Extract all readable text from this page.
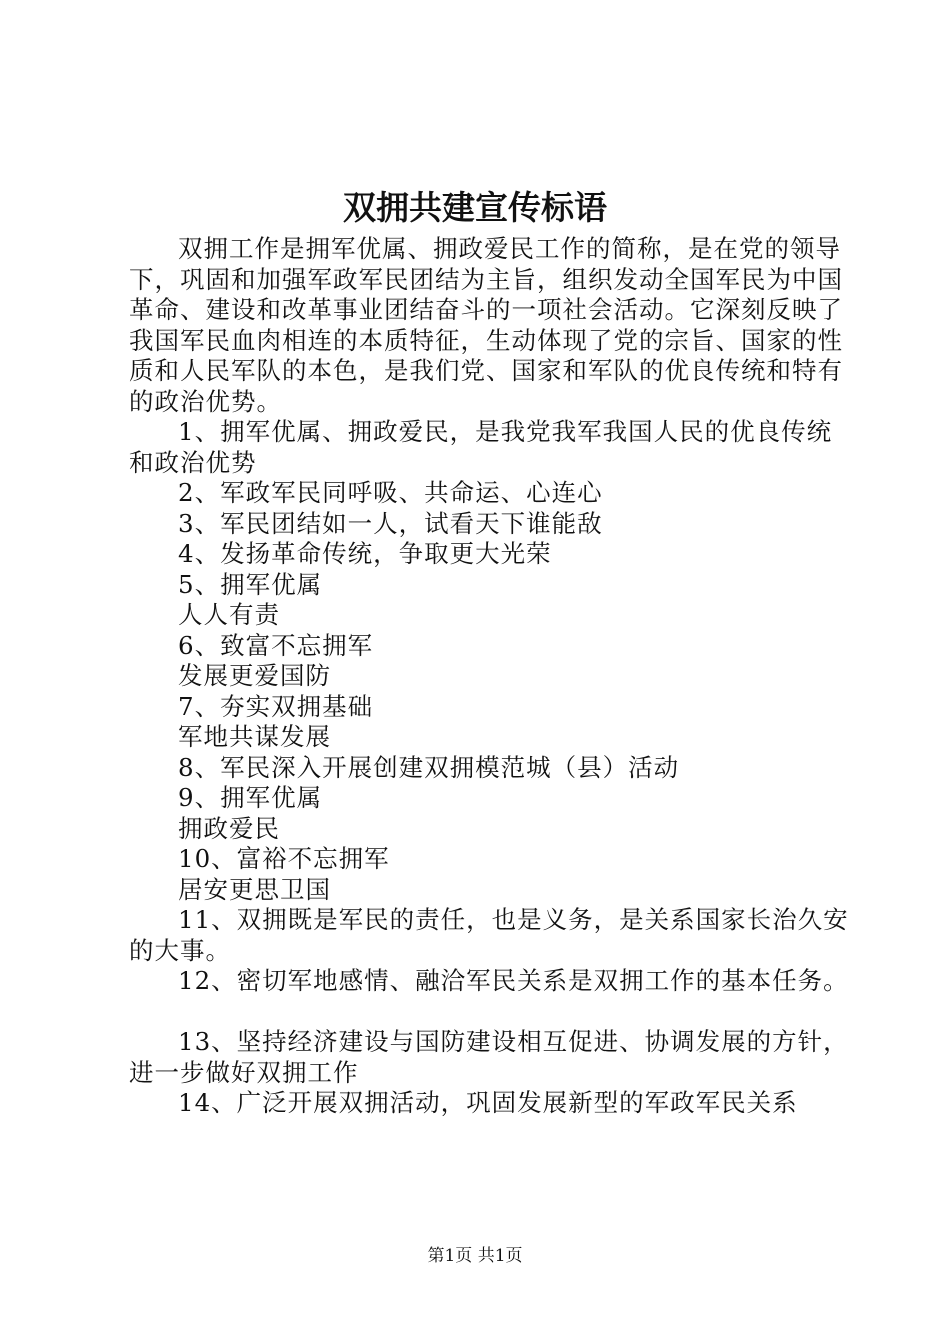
双拥共建宣传标语

双拥工作是拥军优属、拥政爱民工作的简称，是在党的领导下，巩固和加强军政军民团结为主旨，组织发动全国军民为中国革命、建设和改革事业团结奋斗的一项社会活动。它深刻反映了我国军民血肉相连的本质特征，生动体现了党的宗旨、国家的性质和人民军队的本色，是我们党、国家和军队的优良传统和特有的政治优势。

1、拥军优属、拥政爱民，是我党我军我国人民的优良传统和政治优势

2、军政军民同呼吸、共命运、心连心

3、军民团结如一人，试看天下谁能敌

4、发扬革命传统，争取更大光荣

5、拥军优属

人人有责

6、致富不忘拥军

发展更爱国防

7、夯实双拥基础

军地共谋发展

8、军民深入开展创建双拥模范城（县）活动

9、拥军优属

拥政爱民

10、富裕不忘拥军

居安更思卫国

11、双拥既是军民的责任，也是义务，是关系国家长治久安的大事。

12、密切军地感情、融洽军民关系是双拥工作的基本任务。

13、坚持经济建设与国防建设相互促进、协调发展的方针，进一步做好双拥工作

14、广泛开展双拥活动，巩固发展新型的军政军民关系

第1页 共1页
